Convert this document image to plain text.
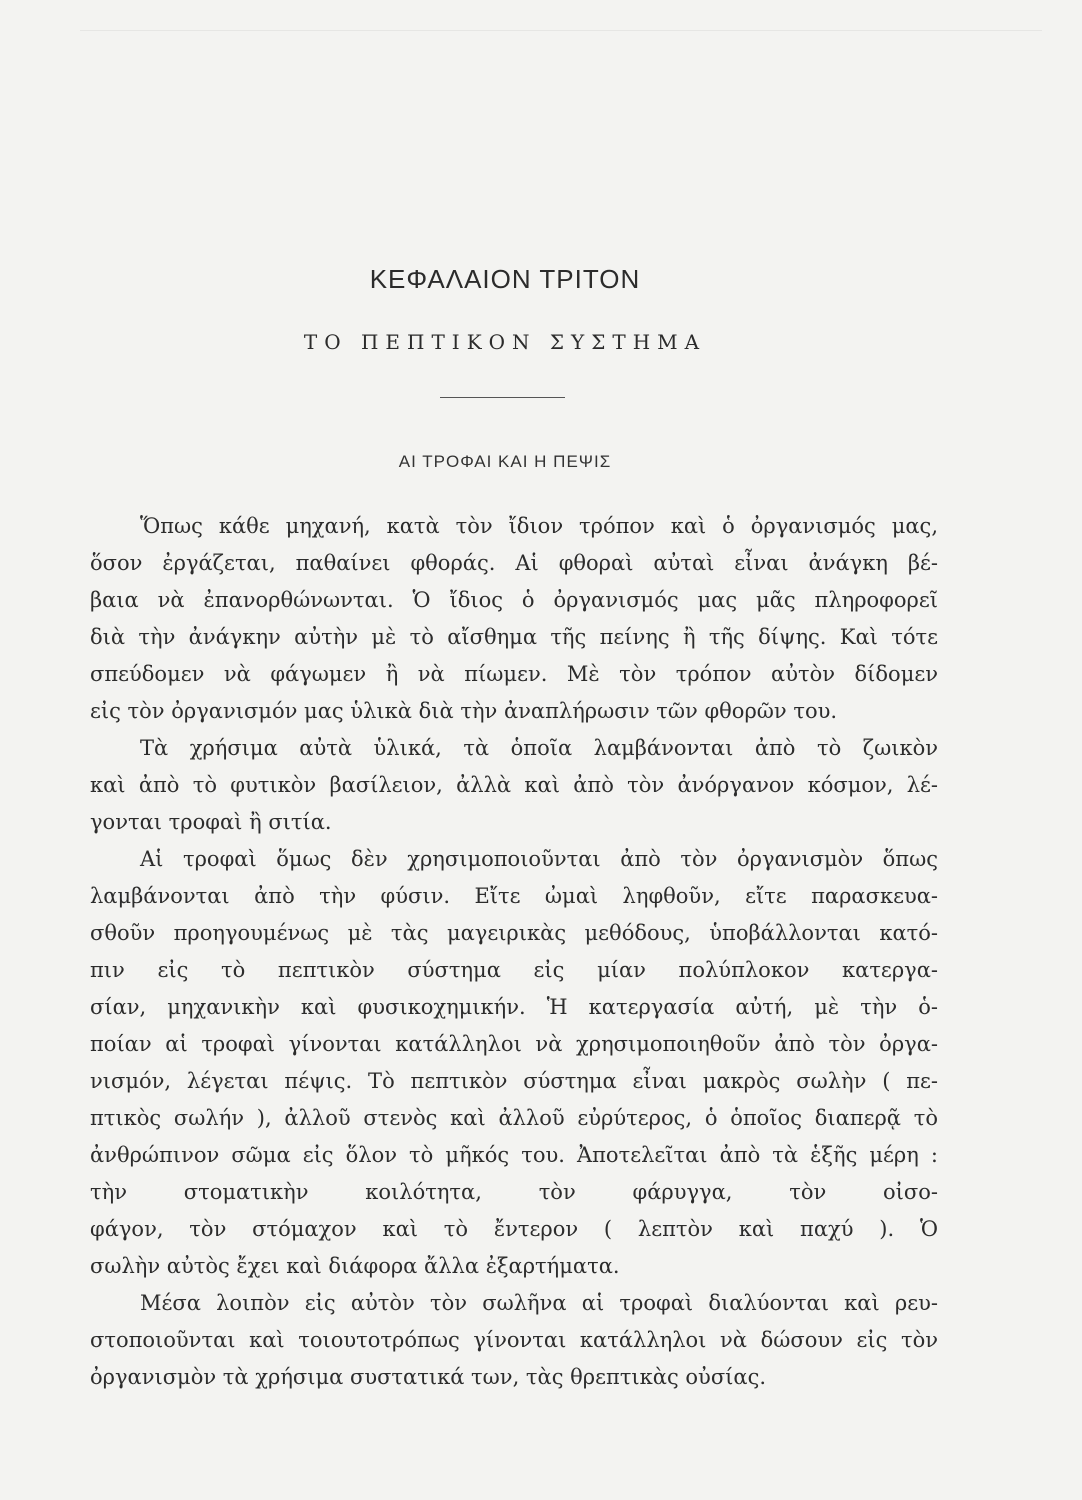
ΚΕΦΑΛΑΙΟΝ ΤΡΙΤΟΝ
ΤΟ ΠΕΠΤΙΚΟΝ ΣΥΣΤΗΜΑ
ΑΙ ΤΡΟΦΑΙ ΚΑΙ Η ΠΕΨΙΣ
Ὅπως κάθε μηχανή, κατὰ τὸν ἴδιον τρόπον καὶ ὁ ὀργανισμός μας,
ὅσον ἐργάζεται, παθαίνει φθοράς. Αἱ φθοραὶ αὐταὶ εἶναι ἀνάγκη βέ-
βαια νὰ ἐπανορθώνωνται. Ὁ ἴδιος ὁ ὀργανισμός μας μᾶς πληροφορεῖ
διὰ τὴν ἀνάγκην αὐτὴν μὲ τὸ αἴσθημα τῆς πείνης ἢ τῆς δίψης. Καὶ τότε
σπεύδομεν νὰ φάγωμεν ἢ νὰ πίωμεν. Μὲ τὸν τρόπον αὐτὸν δίδομεν
εἰς τὸν ὀργανισμόν μας ὑλικὰ διὰ τὴν ἀναπλήρωσιν τῶν φθορῶν του.
Τὰ χρήσιμα αὐτὰ ὑλικά, τὰ ὁποῖα λαμβάνονται ἀπὸ τὸ ζωικὸν
καὶ ἀπὸ τὸ φυτικὸν βασίλειον, ἀλλὰ καὶ ἀπὸ τὸν ἀνόργανον κόσμον, λέ-
γονται τροφαὶ ἢ σιτία.
Αἱ τροφαὶ ὅμως δὲν χρησιμοποιοῦνται ἀπὸ τὸν ὀργανισμὸν ὅπως
λαμβάνονται ἀπὸ τὴν φύσιν. Εἴτε ὠμαὶ ληφθοῦν, εἴτε παρασκευα-
σθοῦν προηγουμένως μὲ τὰς μαγειρικὰς μεθόδους, ὑποβάλλονται κατό-
πιν εἰς τὸ πεπτικὸν σύστημα εἰς μίαν πολύπλοκον κατεργα-
σίαν, μηχανικὴν καὶ φυσικοχημικήν. Ἡ κατεργασία αὐτή, μὲ τὴν ὁ-
ποίαν αἱ τροφαὶ γίνονται κατάλληλοι νὰ χρησιμοποιηθοῦν ἀπὸ τὸν ὀργα-
νισμόν, λέγεται πέψις. Τὸ πεπτικὸν σύστημα εἶναι μακρὸς σωλὴν ( πε-
πτικὸς σωλήν ), ἀλλοῦ στενὸς καὶ ἀλλοῦ εὐρύτερος, ὁ ὁποῖος διαπερᾷ τὸ
ἀνθρώπινον σῶμα εἰς ὅλον τὸ μῆκός του. Ἀποτελεῖται ἀπὸ τὰ ἑξῆς μέρη :
τὴν στοματικὴν κοιλότητα, τὸν φάρυγγα, τὸν οἰσο-
φάγον, τὸν στόμαχον καὶ τὸ ἔντερον ( λεπτὸν καὶ παχύ ). Ὁ
σωλὴν αὐτὸς ἔχει καὶ διάφορα ἄλλα ἐξαρτήματα.
Μέσα λοιπὸν εἰς αὐτὸν τὸν σωλῆνα αἱ τροφαὶ διαλύονται καὶ ρευ-
στοποιοῦνται καὶ τοιουτοτρόπως γίνονται κατάλληλοι νὰ δώσουν εἰς τὸν
ὀργανισμὸν τὰ χρήσιμα συστατικά των, τὰς θρεπτικὰς οὐσίας.
